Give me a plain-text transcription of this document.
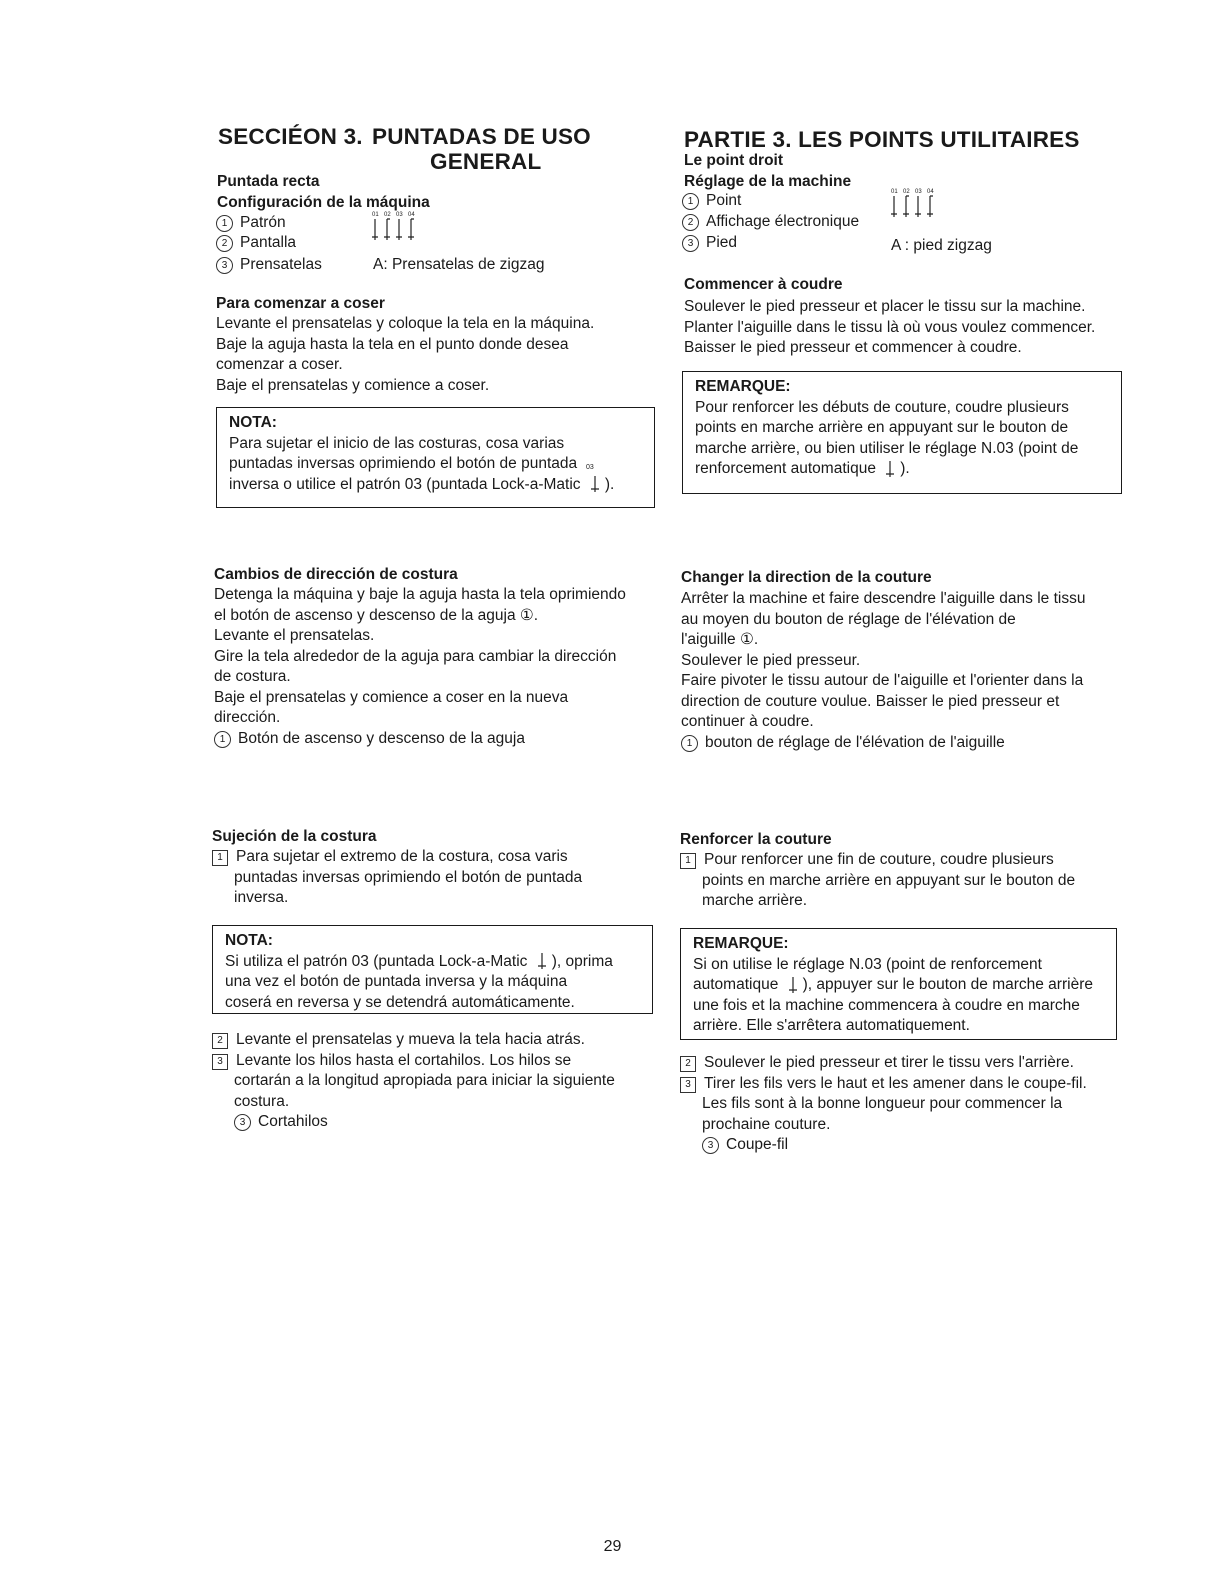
SECCIÉON 3. PUNTADAS DE USO
GENERAL
Puntada recta
Configuración de la máquina
1 Patrón
2 Pantalla
3 Prensatelas	A: Prensatelas de zigzag
01 02 03 04
Para comenzar a coser
Levante el prensatelas y coloque la tela en la máquina.
Baje la aguja hasta la tela en el punto donde desea
comenzar a coser.
Baje el prensatelas y comience a coser.
NOTA:
Para sujetar el inicio de las costuras, cosa varias
puntadas inversas oprimiendo el botón de puntada 03
inversa o utilice el patrón 03 (puntada Lock-a-Matic ).
Cambios de dirección de costura
Detenga la máquina y baje la aguja hasta la tela oprimiendo
el botón de ascenso y descenso de la aguja ①.
Levante el prensatelas.
Gire la tela alrededor de la aguja para cambiar la dirección
de costura.
Baje el prensatelas y comience a coser en la nueva
dirección.
1 Botón de ascenso y descenso de la aguja
Sujeción de la costura
1 Para sujetar el extremo de la costura, cosa varis
puntadas inversas oprimiendo el botón de puntada
inversa.
NOTA:
Si utiliza el patrón 03 (puntada Lock-a-Matic ), oprima
una vez el botón de puntada inversa y la máquina
coserá en reversa y se detendrá automáticamente.
2 Levante el prensatelas y mueva la tela hacia atrás.
3 Levante los hilos hasta el cortahilos. Los hilos se
cortarán a la longitud apropiada para iniciar la siguiente
costura.
3 Cortahilos
PARTIE 3. LES POINTS UTILITAIRES
Le point droit
Réglage de la machine
1 Point
2 Affichage électronique
3 Pied	A : pied zigzag
01 02 03 04
Commencer à coudre
Soulever le pied presseur et placer le tissu sur la machine.
Planter l'aiguille dans le tissu là où vous voulez commencer.
Baisser le pied presseur et commencer à coudre.
REMARQUE:
Pour renforcer les débuts de couture, coudre plusieurs
points en marche arrière en appuyant sur le bouton de
marche arrière, ou bien utiliser le réglage N.03 (point de
renforcement automatique ).
Changer la direction de la couture
Arrêter la machine et faire descendre l'aiguille dans le tissu
au moyen du bouton de réglage de l'élévation de
l'aiguille ①.
Soulever le pied presseur.
Faire pivoter le tissu autour de l'aiguille et l'orienter dans la
direction de couture voulue. Baisser le pied presseur et
continuer à coudre.
1 bouton de réglage de l'élévation de l'aiguille
Renforcer la couture
1 Pour renforcer une fin de couture, coudre plusieurs
points en marche arrière en appuyant sur le bouton de
marche arrière.
REMARQUE:
Si on utilise le réglage N.03 (point de renforcement
automatique ), appuyer sur le bouton de marche arrière
une fois et la machine commencera à coudre en marche
arrière. Elle s'arrêtera automatiquement.
2 Soulever le pied presseur et tirer le tissu vers l'arrière.
3 Tirer les fils vers le haut et les amener dans le coupe-fil.
Les fils sont à la bonne longueur pour commencer la
prochaine couture.
3 Coupe-fil
29
